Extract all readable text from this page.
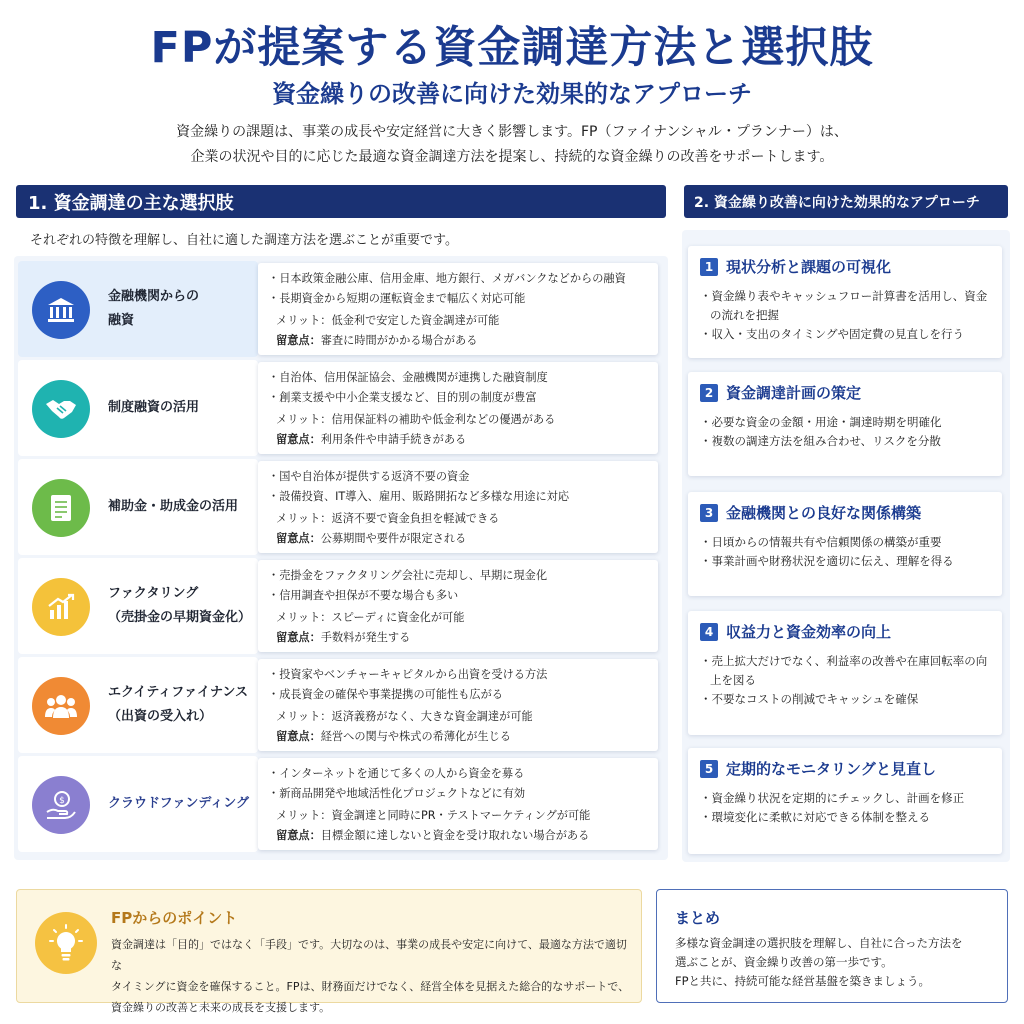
FPが提案する資金調達方法と選択肢
資金繰りの改善に向けた効果的なアプローチ
資金繰りの課題は、事業の成長や安定経営に大きく影響します。FP（ファイナンシャル・プランナー）は、
企業の状況や目的に応じた最適な資金調達方法を提案し、持続的な資金繰りの改善をサポートします。
1. 資金調達の主な選択肢	2. 資金繰り改善に向けた効果的なアプローチ
それぞれの特徴を理解し、自社に適した調達方法を選ぶことが重要です。
金融機関からの
融資
・日本政策金融公庫、信用金庫、地方銀行、メガバンクなどからの融資
・長期資金から短期の運転資金まで幅広く対応可能
メリット：低金利で安定した資金調達が可能
留意点：審査に時間がかかる場合がある
制度融資の活用
・自治体、信用保証協会、金融機関が連携した融資制度
・創業支援や中小企業支援など、目的別の制度が豊富
メリット：信用保証料の補助や低金利などの優遇がある
留意点：利用条件や申請手続きがある
補助金・助成金の活用
・国や自治体が提供する返済不要の資金
・設備投資、IT導入、雇用、販路開拓など多様な用途に対応
メリット：返済不要で資金負担を軽減できる
留意点：公募期間や要件が限定される
ファクタリング
（売掛金の早期資金化）
・売掛金をファクタリング会社に売却し、早期に現金化
・信用調査や担保が不要な場合も多い
メリット：スピーディに資金化が可能
留意点：手数料が発生する
エクイティファイナンス
（出資の受入れ）
・投資家やベンチャーキャピタルから出資を受ける方法
・成長資金の確保や事業提携の可能性も広がる
メリット：返済義務がなく、大きな資金調達が可能
留意点：経営への関与や株式の希薄化が生じる
$	クラウドファンディング
・インターネットを通じて多くの人から資金を募る
・新商品開発や地域活性化プロジェクトなどに有効
メリット：資金調達と同時にPR・テストマーケティングが可能
留意点：目標金額に達しないと資金を受け取れない場合がある
1 現状分析と課題の可視化
・資金繰り表やキャッシュフロー計算書を活用し、資金の流れを把握
・収入・支出のタイミングや固定費の見直しを行う
2 資金調達計画の策定
・必要な資金の金額・用途・調達時期を明確化
・複数の調達方法を組み合わせ、リスクを分散
3 金融機関との良好な関係構築
・日頃からの情報共有や信頼関係の構築が重要
・事業計画や財務状況を適切に伝え、理解を得る
4 収益力と資金効率の向上
・売上拡大だけでなく、利益率の改善や在庫回転率の向上を図る
・不要なコストの削減でキャッシュを確保
5 定期的なモニタリングと見直し
・資金繰り状況を定期的にチェックし、計画を修正
・環境変化に柔軟に対応できる体制を整える
FPからのポイント
資金調達は「目的」ではなく「手段」です。大切なのは、事業の成長や安定に向けて、最適な方法で適切な
タイミングに資金を確保すること。FPは、財務面だけでなく、経営全体を見据えた総合的なサポートで、
資金繰りの改善と未来の成長を支援します。
まとめ
多様な資金調達の選択肢を理解し、自社に合った方法を
選ぶことが、資金繰り改善の第一歩です。
FPと共に、持続可能な経営基盤を築きましょう。
